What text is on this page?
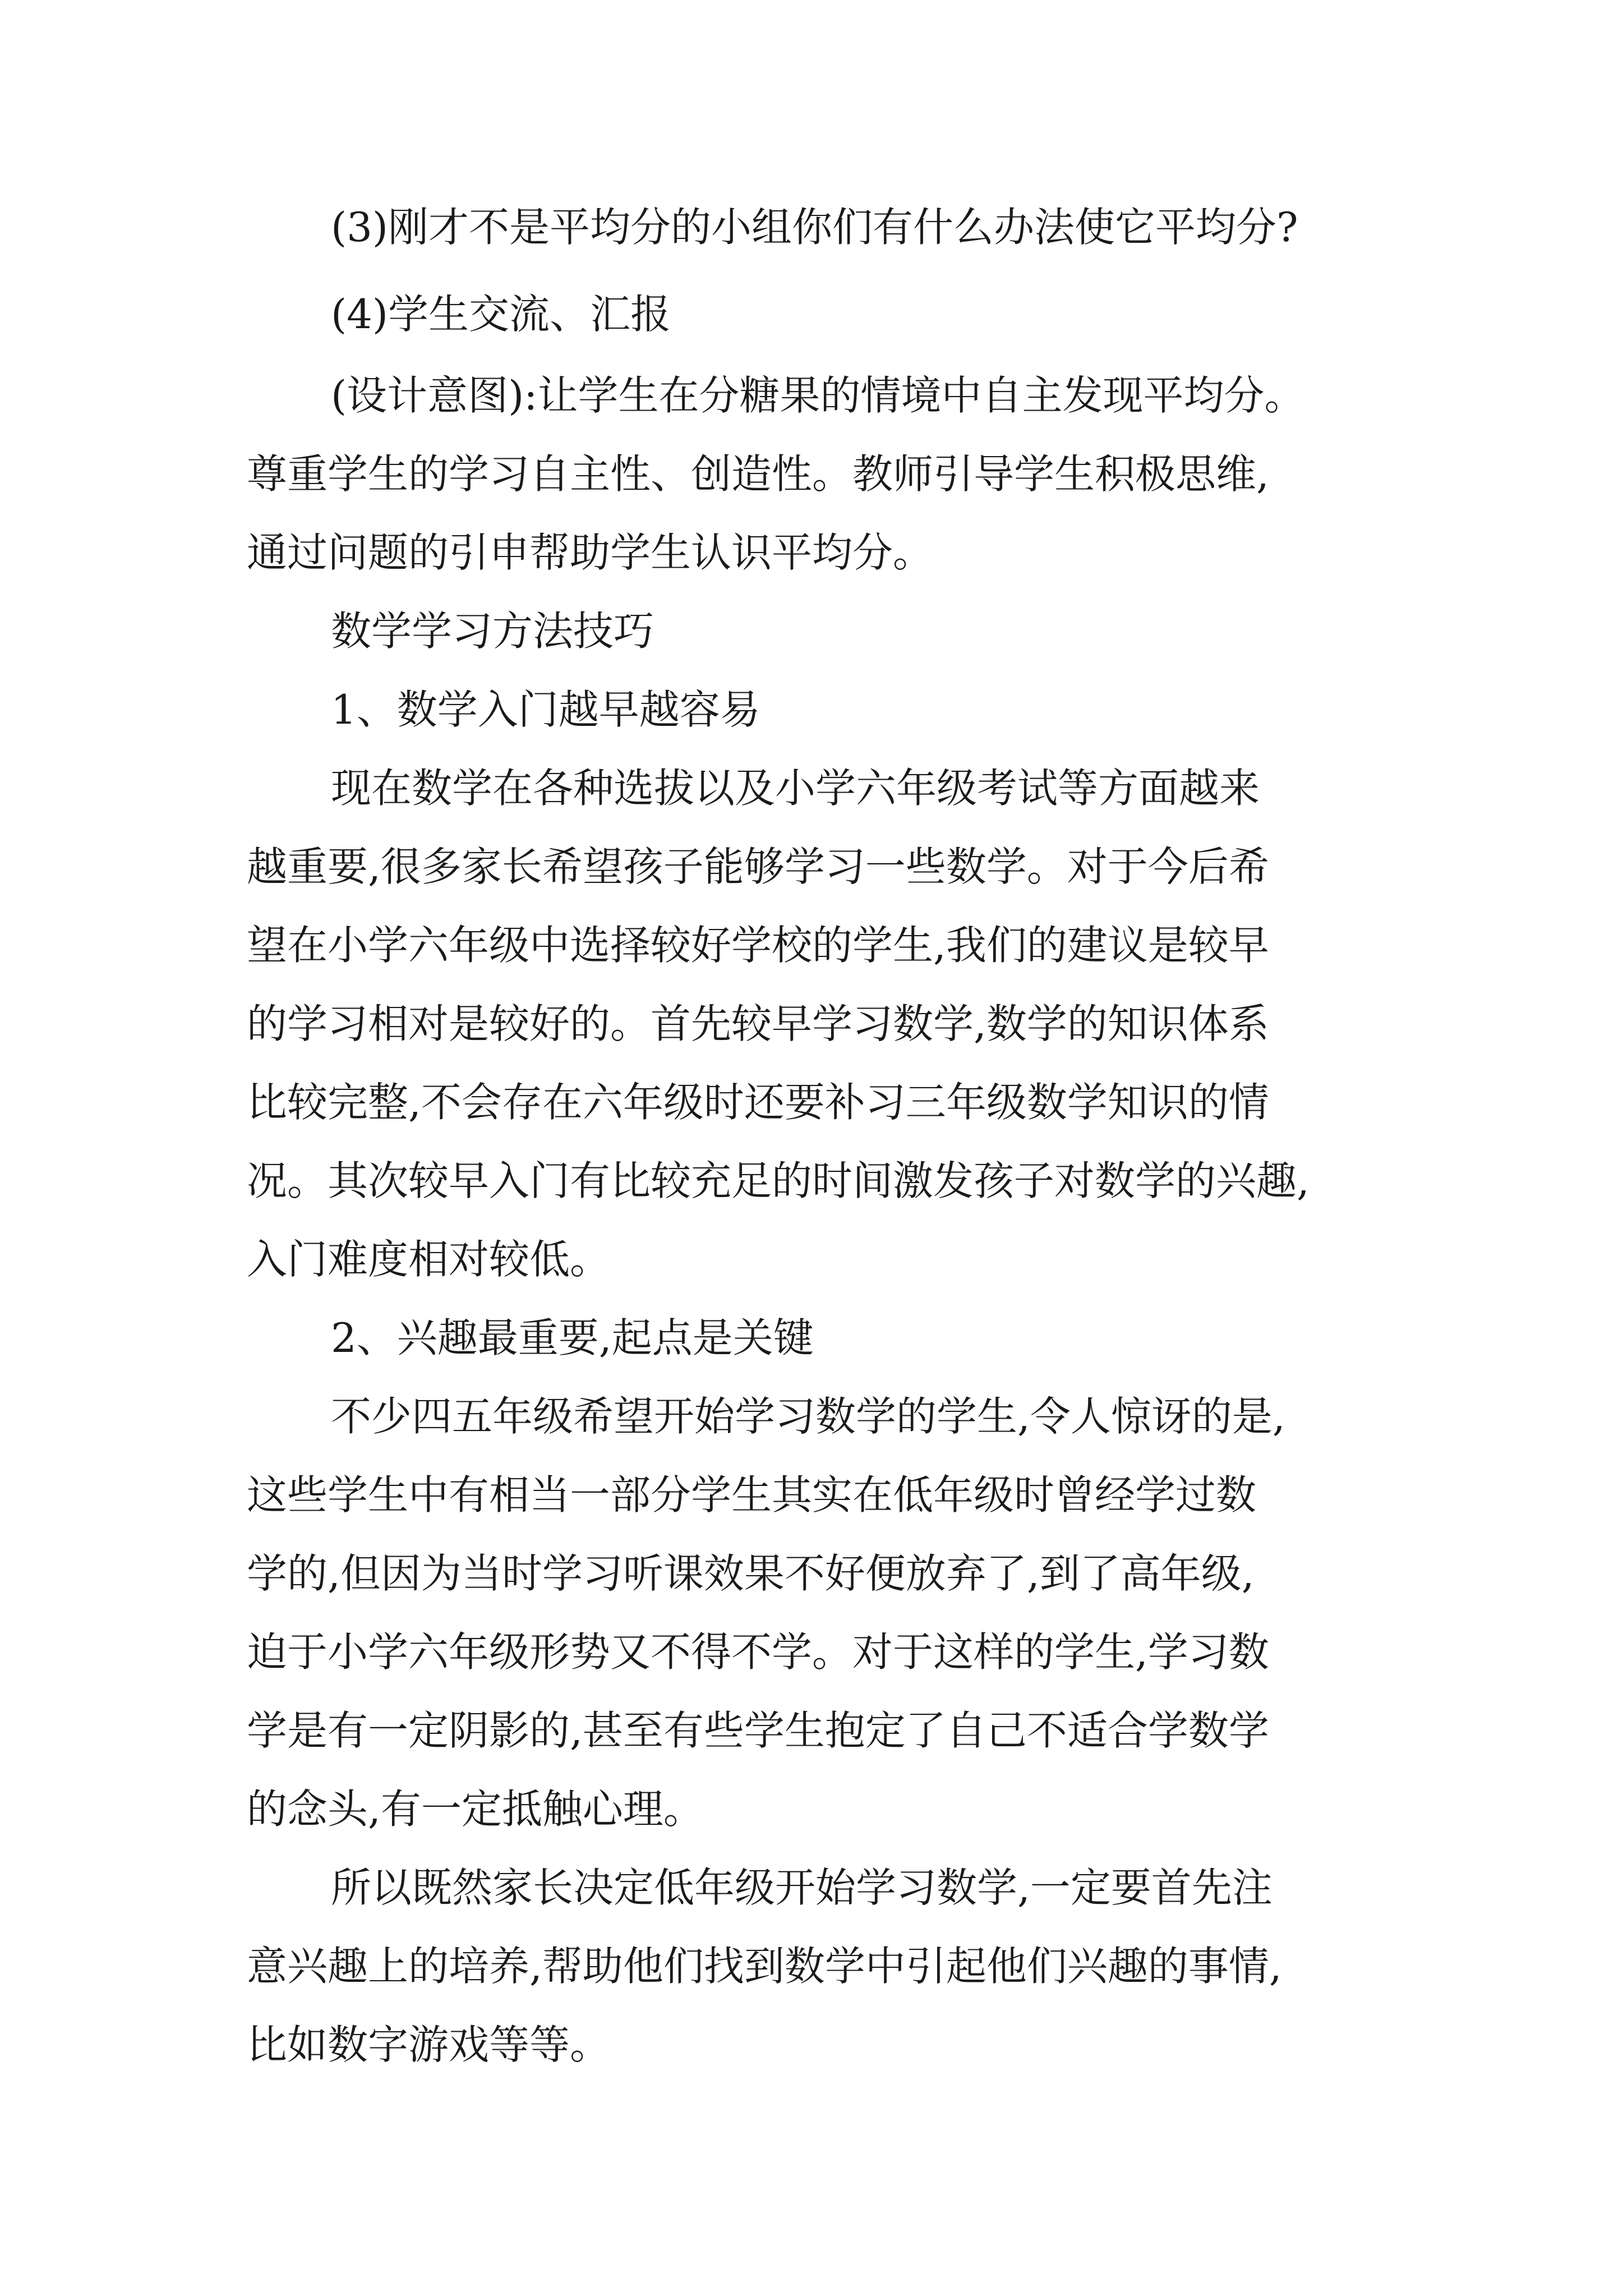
(3)刚才不是平均分的小组你们有什么办法使它平均分?

(4)学生交流、汇报

(设计意图):让学生在分糖果的情境中自主发现平均分。

尊重学生的学习自主性、创造性。教师引导学生积极思维,

通过问题的引申帮助学生认识平均分。

数学学习方法技巧

1、数学入门越早越容易

现在数学在各种选拔以及小学六年级考试等方面越来

越重要,很多家长希望孩子能够学习一些数学。对于今后希

望在小学六年级中选择较好学校的学生,我们的建议是较早

的学习相对是较好的。首先较早学习数学,数学的知识体系

比较完整,不会存在六年级时还要补习三年级数学知识的情

况。其次较早入门有比较充足的时间激发孩子对数学的兴趣,

入门难度相对较低。

2、兴趣最重要,起点是关键

不少四五年级希望开始学习数学的学生,令人惊讶的是,

这些学生中有相当一部分学生其实在低年级时曾经学过数

学的,但因为当时学习听课效果不好便放弃了,到了高年级,

迫于小学六年级形势又不得不学。对于这样的学生,学习数

学是有一定阴影的,甚至有些学生抱定了自己不适合学数学

的念头,有一定抵触心理。

所以既然家长决定低年级开始学习数学,一定要首先注

意兴趣上的培养,帮助他们找到数学中引起他们兴趣的事情,

比如数字游戏等等。
